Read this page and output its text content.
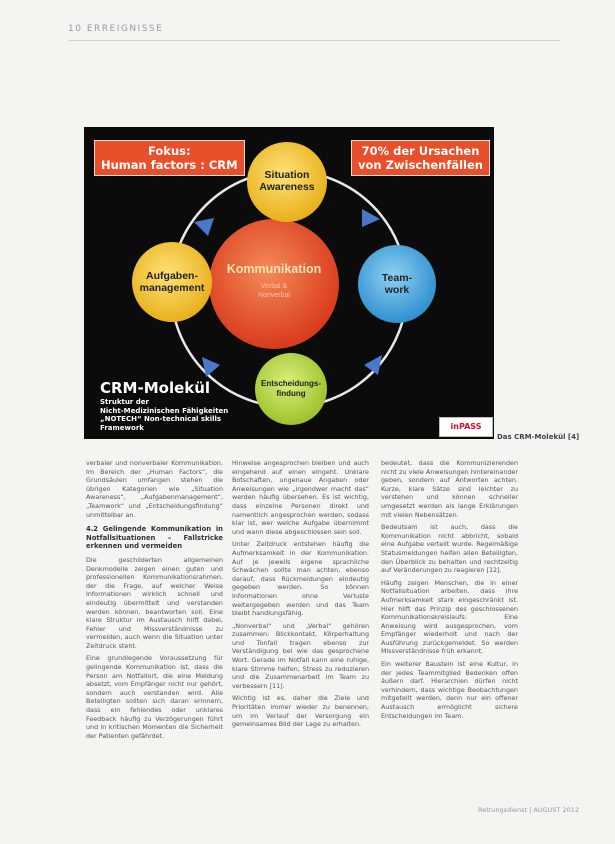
10 ERREIGNISSE
Fokus:
Human factors : CRM
70% der Ursachen
von Zwischenfällen
Situation
Awareness
Aufgaben-
management
Team-
work
Entscheidungs-
findung
Kommunikation
Verbal &
Nonverbal
CRM-Molekül
Struktur der
Nicht-Medizinischen Fähigkeiten
„NOTECH“ Non-technical skills
Framework	inPASS
Das CRM-Molekül [4]

verbaler und nonverbaler Kommunikation. Im Bereich der „Human Factors“, die Grundsäulen umfangen stehen die übrigen Kategorien wie „Situation Awareness“, „Aufgabenmanagement“, „Teamwork“ und „Entscheidungsfindung“ unmittelbar an.

4.2 Gelingende Kommunikation in Notfallsituationen – Fallstricke erkennen und vermeiden

Die geschilderten allgemeinen Denkmodelle zeigen einen guten und professionellen Kommunikationsrahmen, der die Frage, auf welcher Weise Informationen wirklich schnell und eindeutig übermittelt und verstanden werden können, beantworten soll. Eine klare Struktur im Austausch hilft dabei, Fehler und Missverständnisse zu vermeiden, auch wenn die Situation unter Zeitdruck steht.

Eine grundlegende Voraussetzung für gelingende Kommunikation ist, dass die Person am Notfallort, die eine Meldung absetzt, vom Empfänger nicht nur gehört, sondern auch verstanden wird. Alle Beteiligten sollten sich daran erinnern, dass ein fehlendes oder unklares Feedback häufig zu Verzögerungen führt und in kritischen Momenten die Sicherheit der Patienten gefährdet.

Hinweise angesprochen bleiben und auch eingehend auf einen eingeht. Unklare Botschaften, ungenaue Angaben oder Anweisungen wie „irgendwer macht das“ werden häufig übersehen. Es ist wichtig, dass einzelne Personen direkt und namentlich angesprochen werden, sodass klar ist, wer welche Aufgabe übernimmt und wann diese abgeschlossen sein soll.

Unter Zeitdruck entstehen häufig die Aufmerksamkeit in der Kommunikation. Auf je jeweils eigene sprachliche Schwächen sollte man achten, ebenso darauf, dass Rückmeldungen eindeutig gegeben werden. So können Informationen ohne Verluste weitergegeben werden und das Team bleibt handlungsfähig.

„Nonverbal“ und „Verbal“ gehören zusammen: Blickkontakt, Körperhaltung und Tonfall tragen ebenso zur Verständigung bei wie das gesprochene Wort. Gerade im Notfall kann eine ruhige, klare Stimme helfen, Stress zu reduzieren und die Zusammenarbeit im Team zu verbessern [11].

Wichtig ist es, daher die Ziele und Prioritäten immer wieder zu benennen, um im Verlauf der Versorgung ein gemeinsames Bild der Lage zu erhalten.

bedeutet, dass die Kommunizierenden nicht zu viele Anweisungen hintereinander geben, sondern auf Antworten achten. Kurze, klare Sätze sind leichter zu verstehen und können schneller umgesetzt werden als lange Erklärungen mit vielen Nebensätzen.

Bedeutsam ist auch, dass die Kommunikation nicht abbricht, sobald eine Aufgabe verteilt wurde. Regelmäßige Statusmeldungen helfen allen Beteiligten, den Überblick zu behalten und rechtzeitig auf Veränderungen zu reagieren [12].

Häufig zeigen Menschen, die in einer Notfallsituation arbeiten, dass ihre Aufmerksamkeit stark eingeschränkt ist. Hier hilft das Prinzip des geschlossenen Kommunikationskreislaufs: Eine Anweisung wird ausgesprochen, vom Empfänger wiederholt und nach der Ausführung zurückgemeldet. So werden Missverständnisse früh erkannt.

Ein weiterer Baustein ist eine Kultur, in der jedes Teammitglied Bedenken offen äußern darf. Hierarchien dürfen nicht verhindern, dass wichtige Beobachtungen mitgeteilt werden, denn nur ein offener Austausch ermöglicht sichere Entscheidungen im Team.

Rettungsdienst | AUGUST 2012
